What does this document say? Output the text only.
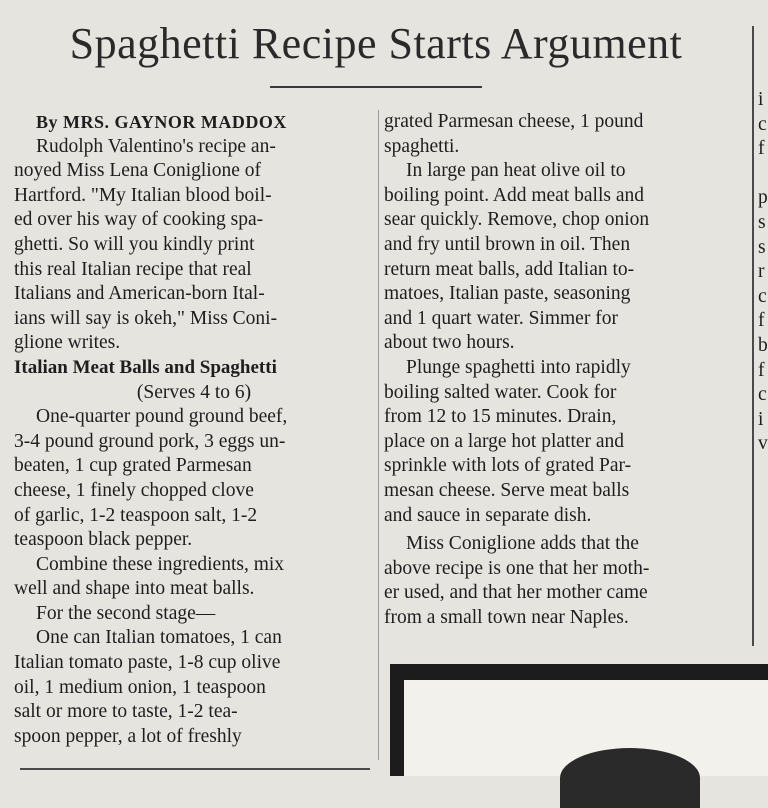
Spaghetti Recipe Starts Argument
By MRS. GAYNOR MADDOX
Rudolph Valentino's recipe an-
noyed Miss Lena Coniglione of
Hartford. "My Italian blood boil-
ed over his way of cooking spa-
ghetti. So will you kindly print
this real Italian recipe that real
Italians and American-born Ital-
ians will say is okeh," Miss Coni-
glione writes.
Italian Meat Balls and Spaghetti
(Serves 4 to 6)
One-quarter pound ground beef,
3-4 pound ground pork, 3 eggs un-
beaten, 1 cup grated Parmesan
cheese, 1 finely chopped clove
of garlic, 1-2 teaspoon salt, 1-2
teaspoon black pepper.
Combine these ingredients, mix
well and shape into meat balls.
For the second stage—
One can Italian tomatoes, 1 can
Italian tomato paste, 1-8 cup olive
oil, 1 medium onion, 1 teaspoon
salt or more to taste, 1-2 tea-
spoon pepper, a lot of freshly
grated Parmesan cheese, 1 pound
spaghetti.
In large pan heat olive oil to
boiling point. Add meat balls and
sear quickly. Remove, chop onion
and fry until brown in oil. Then
return meat balls, add Italian to-
matoes, Italian paste, seasoning
and 1 quart water. Simmer for
about two hours.
Plunge spaghetti into rapidly
boiling salted water. Cook for
from 12 to 15 minutes. Drain,
place on a large hot platter and
sprinkle with lots of grated Par-
mesan cheese. Serve meat balls
and sauce in separate dish.
Miss Coniglione adds that the
above recipe is one that her moth-
er used, and that her mother came
from a small town near Naples.
i
c
f

p
s
s
r
c
f
b
f
c
i
v
